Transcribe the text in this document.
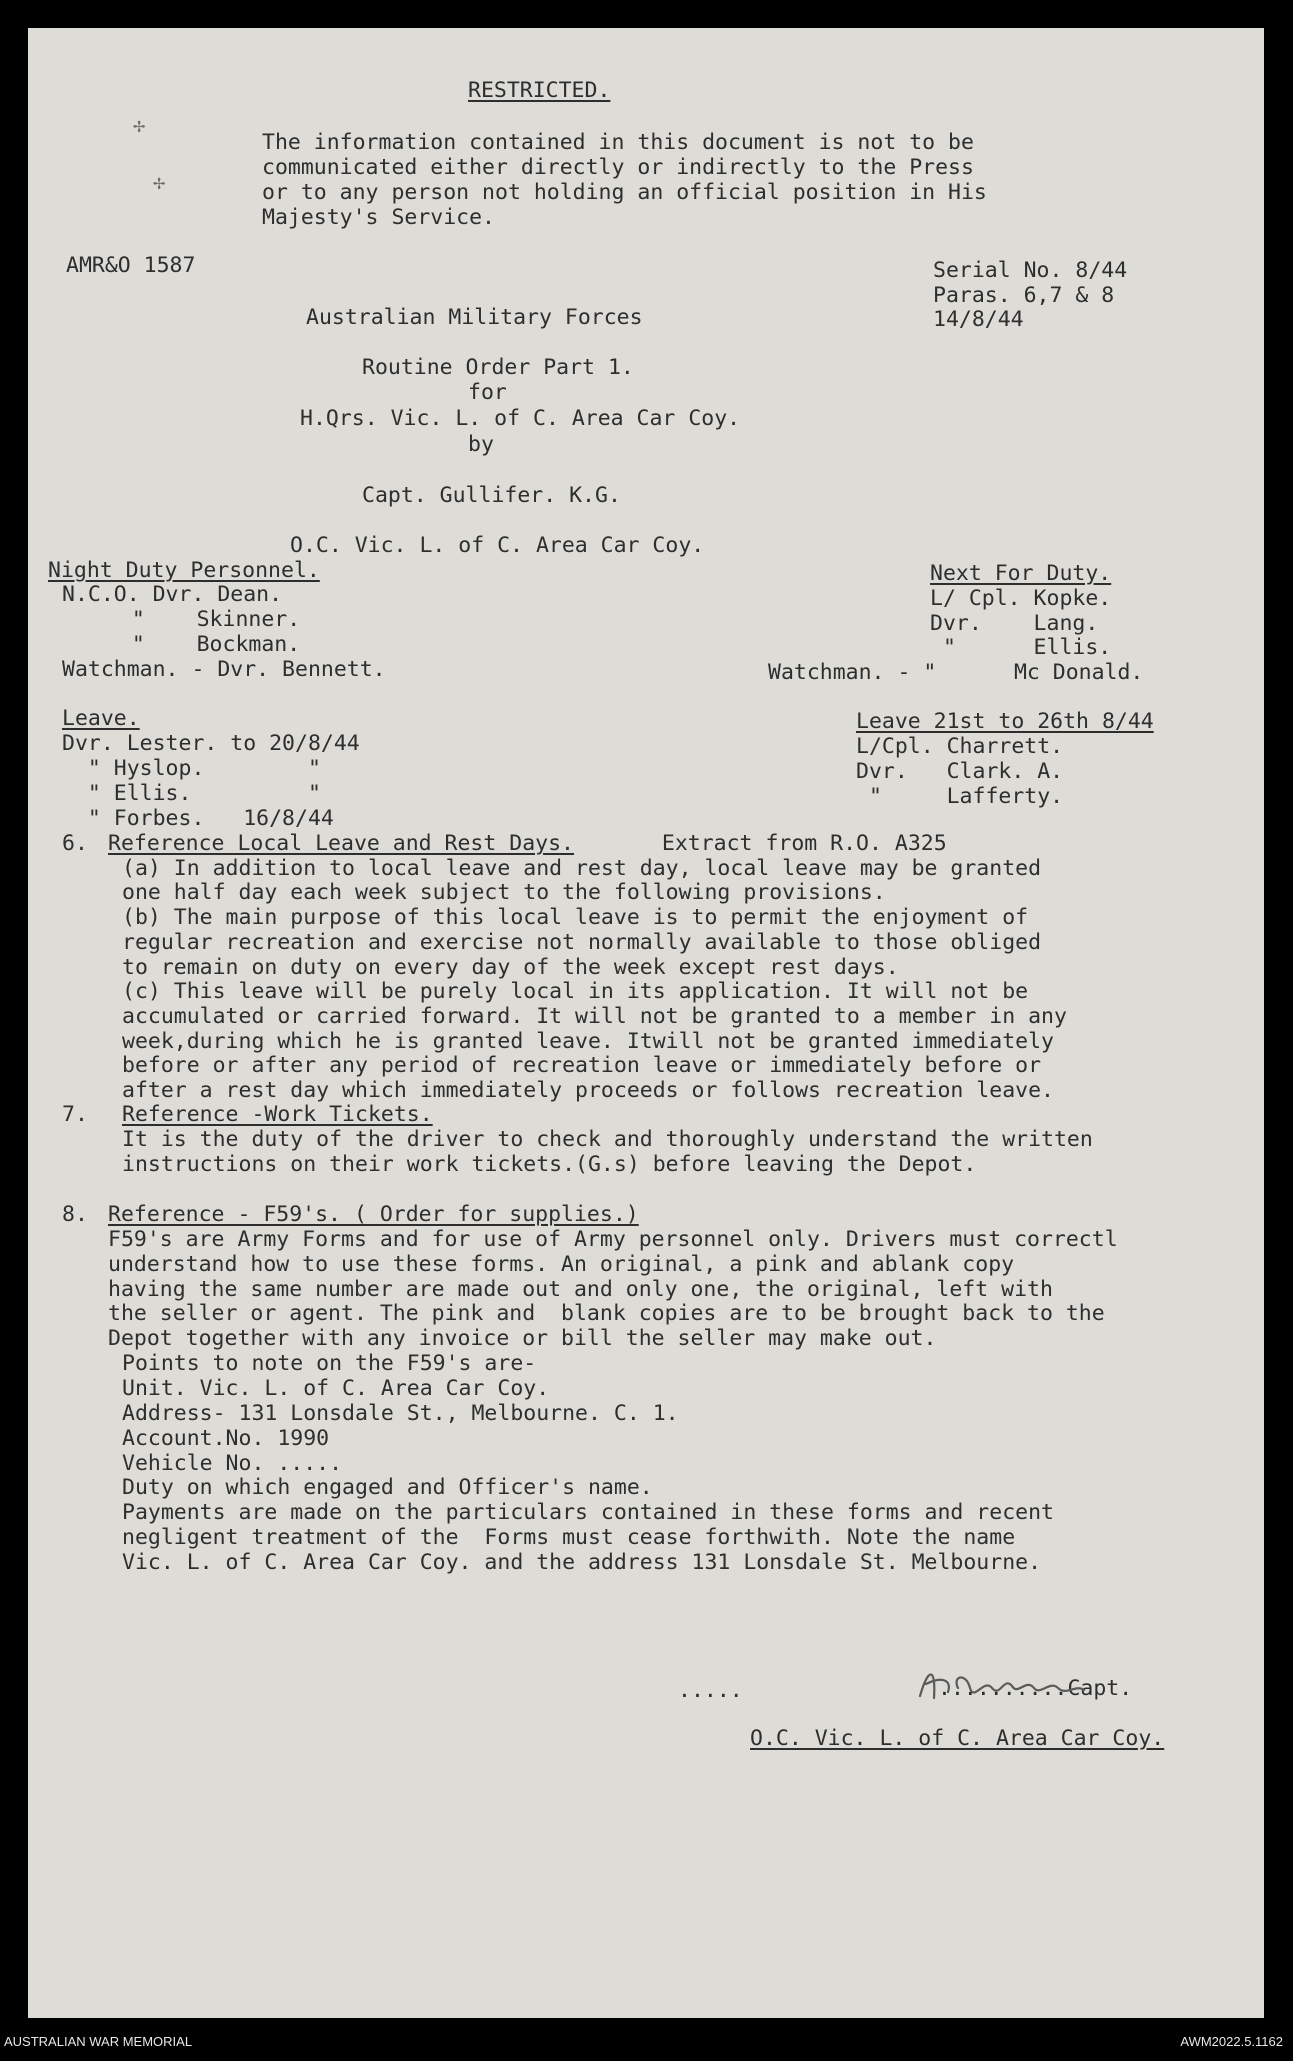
RESTRICTED.
✢
✢
The information contained in this document is not to be
communicated either directly or indirectly to the Press
or to any person not holding an official position in His
Majesty's Service.
AMR&O 1587	Serial No. 8/44
Paras. 6,7 & 8
14/8/44
Australian Military Forces
Routine Order Part 1.
for
H.Qrs. Vic. L. of C. Area Car Coy.
by
Capt. Gullifer. K.G.
O.C. Vic. L. of C. Area Car Coy.
Night Duty Personnel.
N.C.O. Dvr. Dean.
"    Skinner.
"    Bockman.
Watchman. - Dvr. Bennett.
Next For Duty.
L/ Cpl. Kopke.
Dvr.    Lang.
"      Ellis.
Watchman. - "      Mc Donald.
Leave.
Dvr. Lester. to 20/8/44
" Hyslop.        "
" Ellis.         "
" Forbes.   16/8/44
Leave 21st to 26th 8/44
L/Cpl. Charrett.
Dvr.   Clark. A.
"     Lafferty.
6. Reference Local Leave and Rest Days.	Extract from R.O. A325
(a) In addition to local leave and rest day, local leave may be granted
one half day each week subject to the following provisions.
(b) The main purpose of this local leave is to permit the enjoyment of
regular recreation and exercise not normally available to those obliged
to remain on duty on every day of the week except rest days.
(c) This leave will be purely local in its application. It will not be
accumulated or carried forward. It will not be granted to a member in any
week,during which he is granted leave. Itwill not be granted immediately
before or after any period of recreation leave or immediately before or
after a rest day which immediately proceeds or follows recreation leave.
7. Reference -Work Tickets.
It is the duty of the driver to check and thoroughly understand the written
instructions on their work tickets.(G.s) before leaving the Depot.
8. Reference - F59's. ( Order for supplies.)
F59's are Army Forms and for use of Army personnel only. Drivers must correctl
understand how to use these forms. An original, a pink and ablank copy
having the same number are made out and only one, the original, left with
the seller or agent. The pink and  blank copies are to be brought back to the
Depot together with any invoice or bill the seller may make out.
Points to note on the F59's are-
Unit. Vic. L. of C. Area Car Coy.
Address- 131 Lonsdale St., Melbourne. C. 1.
Account.No. 1990
Vehicle No. .....
Duty on which engaged and Officer's name.
Payments are made on the particulars contained in these forms and recent
negligent treatment of the  Forms must cease forthwith. Note the name
Vic. L. of C. Area Car Coy. and the address 131 Lonsdale St. Melbourne.
.....	..........Capt.
O.C. Vic. L. of C. Area Car Coy.
AUSTRALIAN WAR MEMORIAL	AWM2022.5.1162
